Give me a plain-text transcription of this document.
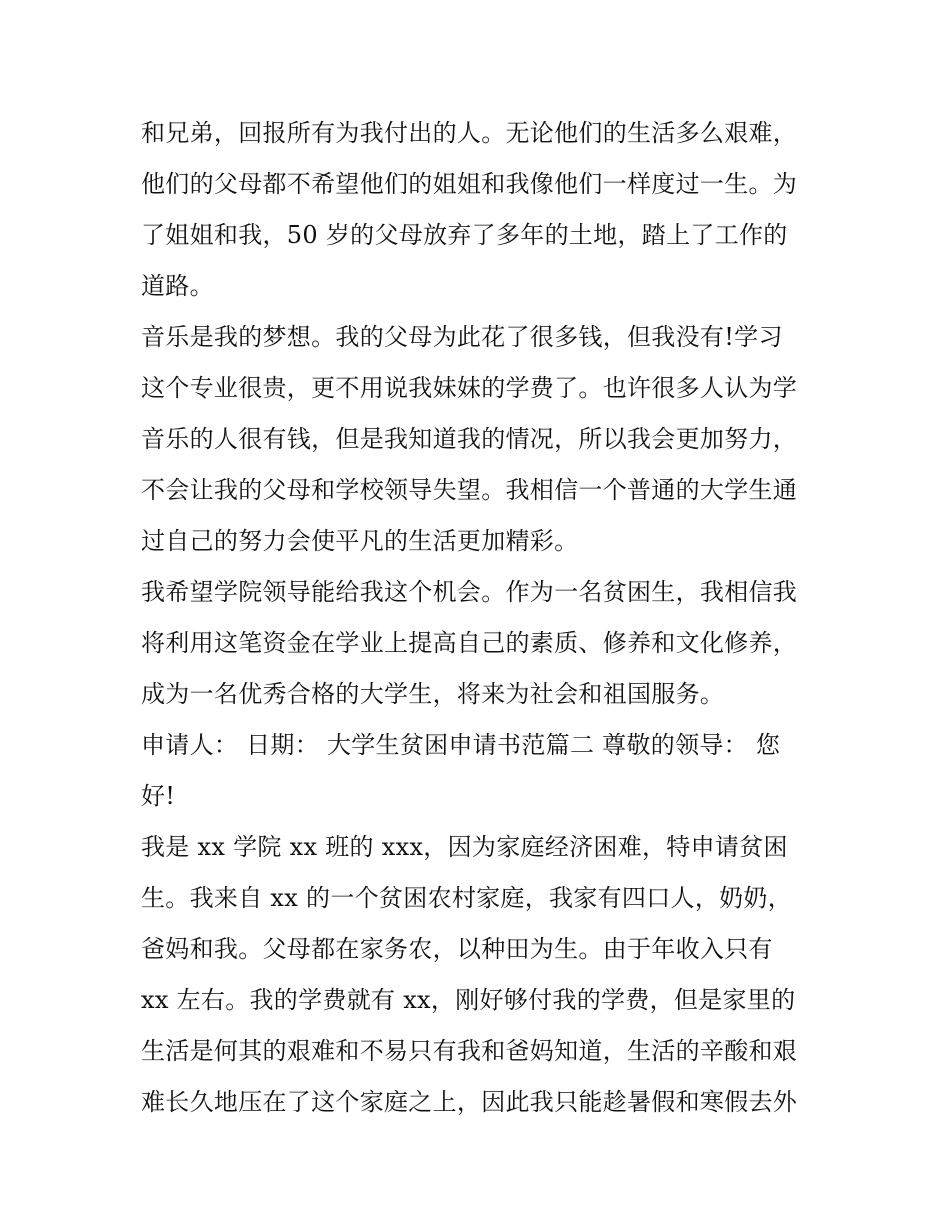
和兄弟，回报所有为我付出的人。无论他们的生活多么艰难，
他们的父母都不希望他们的姐姐和我像他们一样度过一生。为
了姐姐和我，50 岁的父母放弃了多年的土地，踏上了工作的
道路。
音乐是我的梦想。我的父母为此花了很多钱，但我没有!学习
这个专业很贵，更不用说我妹妹的学费了。也许很多人认为学
音乐的人很有钱，但是我知道我的情况，所以我会更加努力，
不会让我的父母和学校领导失望。我相信一个普通的大学生通
过自己的努力会使平凡的生活更加精彩。
我希望学院领导能给我这个机会。作为一名贫困生，我相信我
将利用这笔资金在学业上提高自己的素质、修养和文化修养，
成为一名优秀合格的大学生，将来为社会和祖国服务。
申请人： 日期： 大学生贫困申请书范篇二 尊敬的领导： 您
好!
我是 xx 学院 xx 班的 xxx，因为家庭经济困难，特申请贫困
生。我来自 xx 的一个贫困农村家庭，我家有四口人，奶奶，
爸妈和我。父母都在家务农，以种田为生。由于年收入只有
xx 左右。我的学费就有 xx，刚好够付我的学费，但是家里的
生活是何其的艰难和不易只有我和爸妈知道，生活的辛酸和艰
难长久地压在了这个家庭之上，因此我只能趁暑假和寒假去外
